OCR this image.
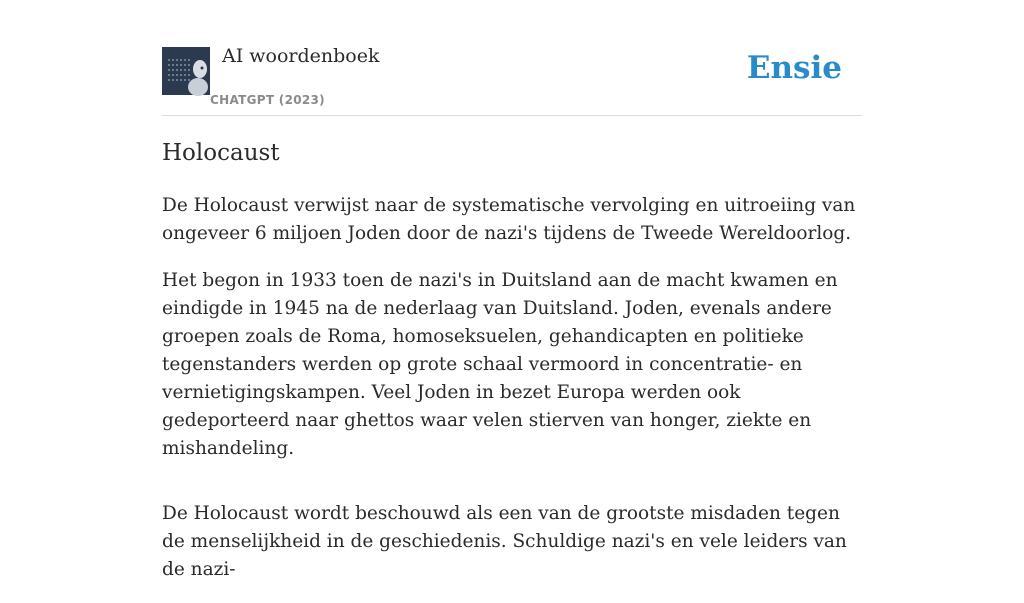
AI woordenboek
CHATGPT (2023)
Ensie
Holocaust

De Holocaust verwijst naar de systematische vervolging en uitroeiing van ongeveer 6 miljoen Joden door de nazi's tijdens de Tweede Wereldoorlog.

Het begon in 1933 toen de nazi's in Duitsland aan de macht kwamen en eindigde in 1945 na de nederlaag van Duitsland. Joden, evenals andere groepen zoals de Roma, homoseksuelen, gehandicapten en politieke tegenstanders werden op grote schaal vermoord in concentratie- en vernietigingskampen. Veel Joden in bezet Europa werden ook gedeporteerd naar ghettos waar velen stierven van honger, ziekte en mishandeling.

De Holocaust wordt beschouwd als een van de grootste misdaden tegen de menselijkheid in de geschiedenis. Schuldige nazi's en vele leiders van de nazi-
